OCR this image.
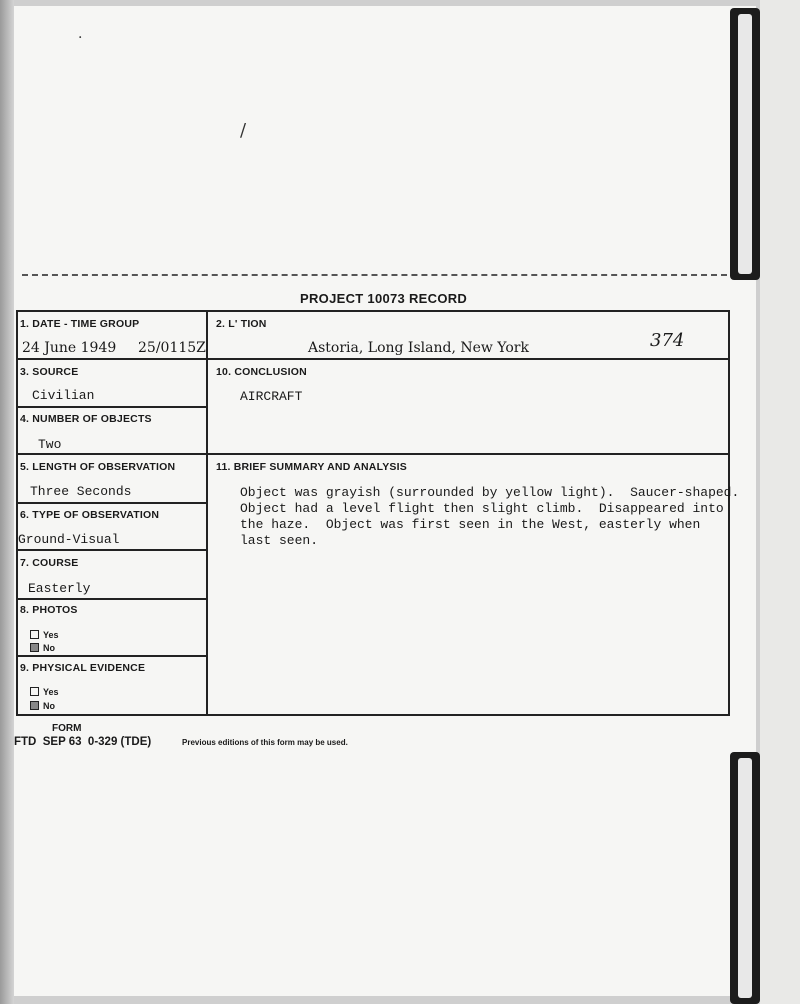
·
/
PROJECT 10073 RECORD
1. DATE - TIME GROUP
24 June 1949 25/0115Z
2. L' TION
Astoria, Long Island, New York	374
3. SOURCE
Civilian
10. CONCLUSION
AIRCRAFT
4. NUMBER OF OBJECTS
Two
5. LENGTH OF OBSERVATION
Three Seconds
11. BRIEF SUMMARY AND ANALYSIS
Object was grayish (surrounded by yellow light).  Saucer-shaped.
Object had a level flight then slight climb.  Disappeared into
the haze.  Object was first seen in the West, easterly when
last seen.
6. TYPE OF OBSERVATION
Ground-Visual
7. COURSE
Easterly
8. PHOTOS
Yes
No
9. PHYSICAL EVIDENCE
Yes
No
FORM
FTD  SEP 63  0-329 (TDE)	Previous editions of this form may be used.
